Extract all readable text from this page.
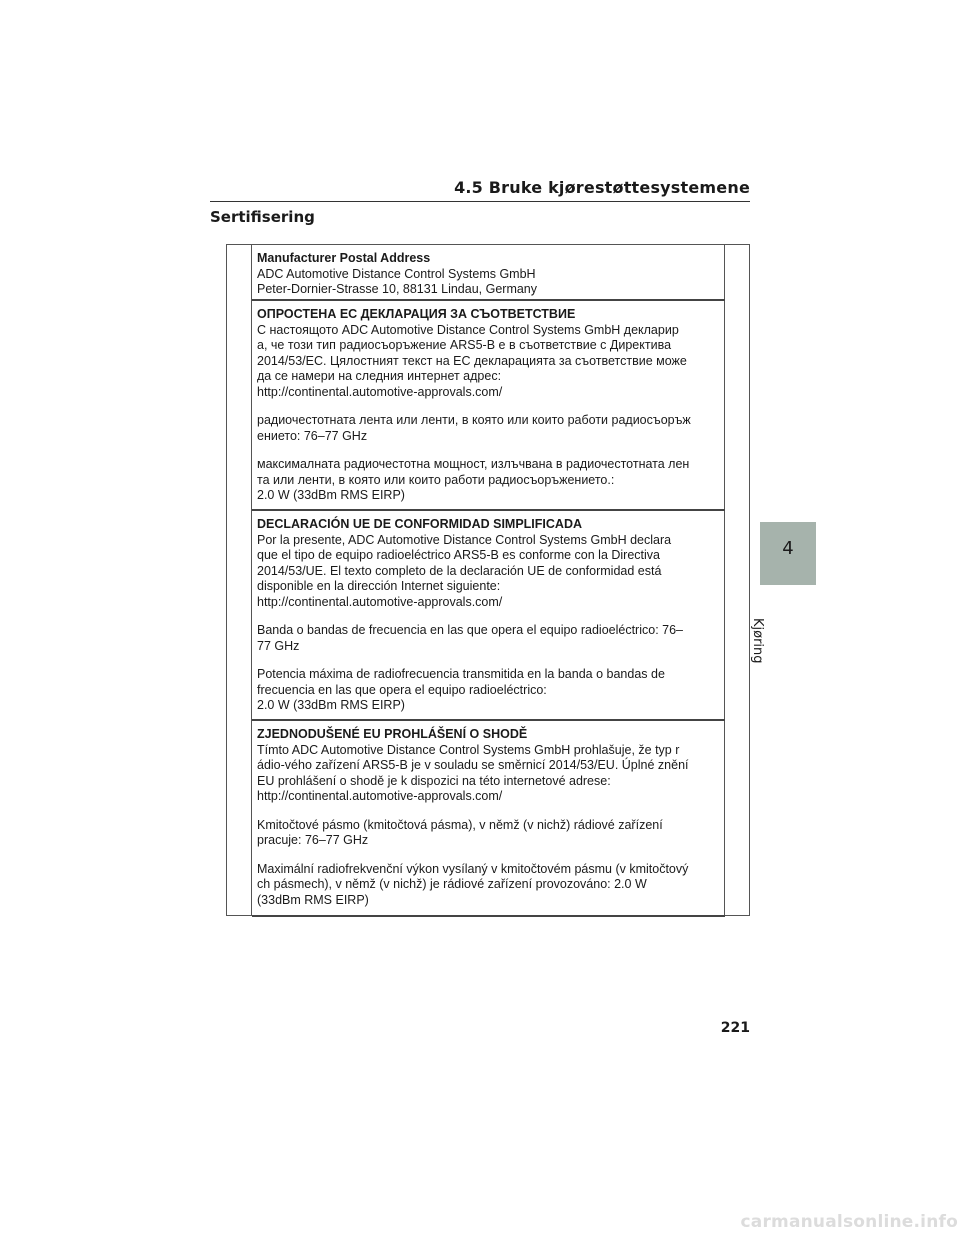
4.5 Bruke kjørestøttesystemene
Sertifisering
Manufacturer Postal Address
ADC Automotive Distance Control Systems GmbH
Peter-Dornier-Strasse 10, 88131 Lindau, Germany
ОПРОСТЕНА ЕС ДЕКЛАРАЦИЯ ЗА СЪОТВЕТСТВИЕ
С настоящото ADC Automotive Distance Control Systems GmbH декларир
а, че този тип радиосъоръжение ARS5-B е в съответствие с Директива
2014/53/ЕС. Цялостният текст на ЕС декларацията за съответствие може
да се намери на следния интернет адрес:
http://continental.automotive-approvals.com/
радиочестотната лента или ленти, в която или които работи радиосъоръж
ението: 76–77 GHz
максималната радиочестотна мощност, излъчвана в радиочестотната лен
та или ленти, в която или които работи радиосъоръжението.:
2.0 W (33dBm RMS EIRP)
DECLARACIÓN UE DE CONFORMIDAD SIMPLIFICADA
Por la presente, ADC Automotive Distance Control Systems GmbH declara
que el tipo de equipo radioeléctrico ARS5-B es conforme con la Directiva
2014/53/UE. El texto completo de la declaración UE de conformidad está
disponible en la dirección Internet siguiente:
http://continental.automotive-approvals.com/
Banda o bandas de frecuencia en las que opera el equipo radioeléctrico: 76–
77 GHz
Potencia máxima de radiofrecuencia transmitida en la banda o bandas de
frecuencia en las que opera el equipo radioeléctrico:
2.0 W (33dBm RMS EIRP)
ZJEDNODUŠENÉ EU PROHLÁŠENÍ O SHODĚ
Tímto ADC Automotive Distance Control Systems GmbH prohlašuje, že typ r
ádio-vého zařízení ARS5-B je v souladu se směrnicí 2014/53/EU. Úplné znění
EU prohlášení o shodě je k dispozici na této internetové adrese:
http://continental.automotive-approvals.com/
Kmitočtové pásmo (kmitočtová pásma), v němž (v nichž) rádiové zařízení
pracuje: 76–77 GHz
Maximální radiofrekvenční výkon vysílaný v kmitočtovém pásmu (v kmitočtový
ch pásmech), v němž (v nichž) je rádiové zařízení provozováno: 2.0 W
(33dBm RMS EIRP)
4
Kjøring
221
carmanualsonline.info
